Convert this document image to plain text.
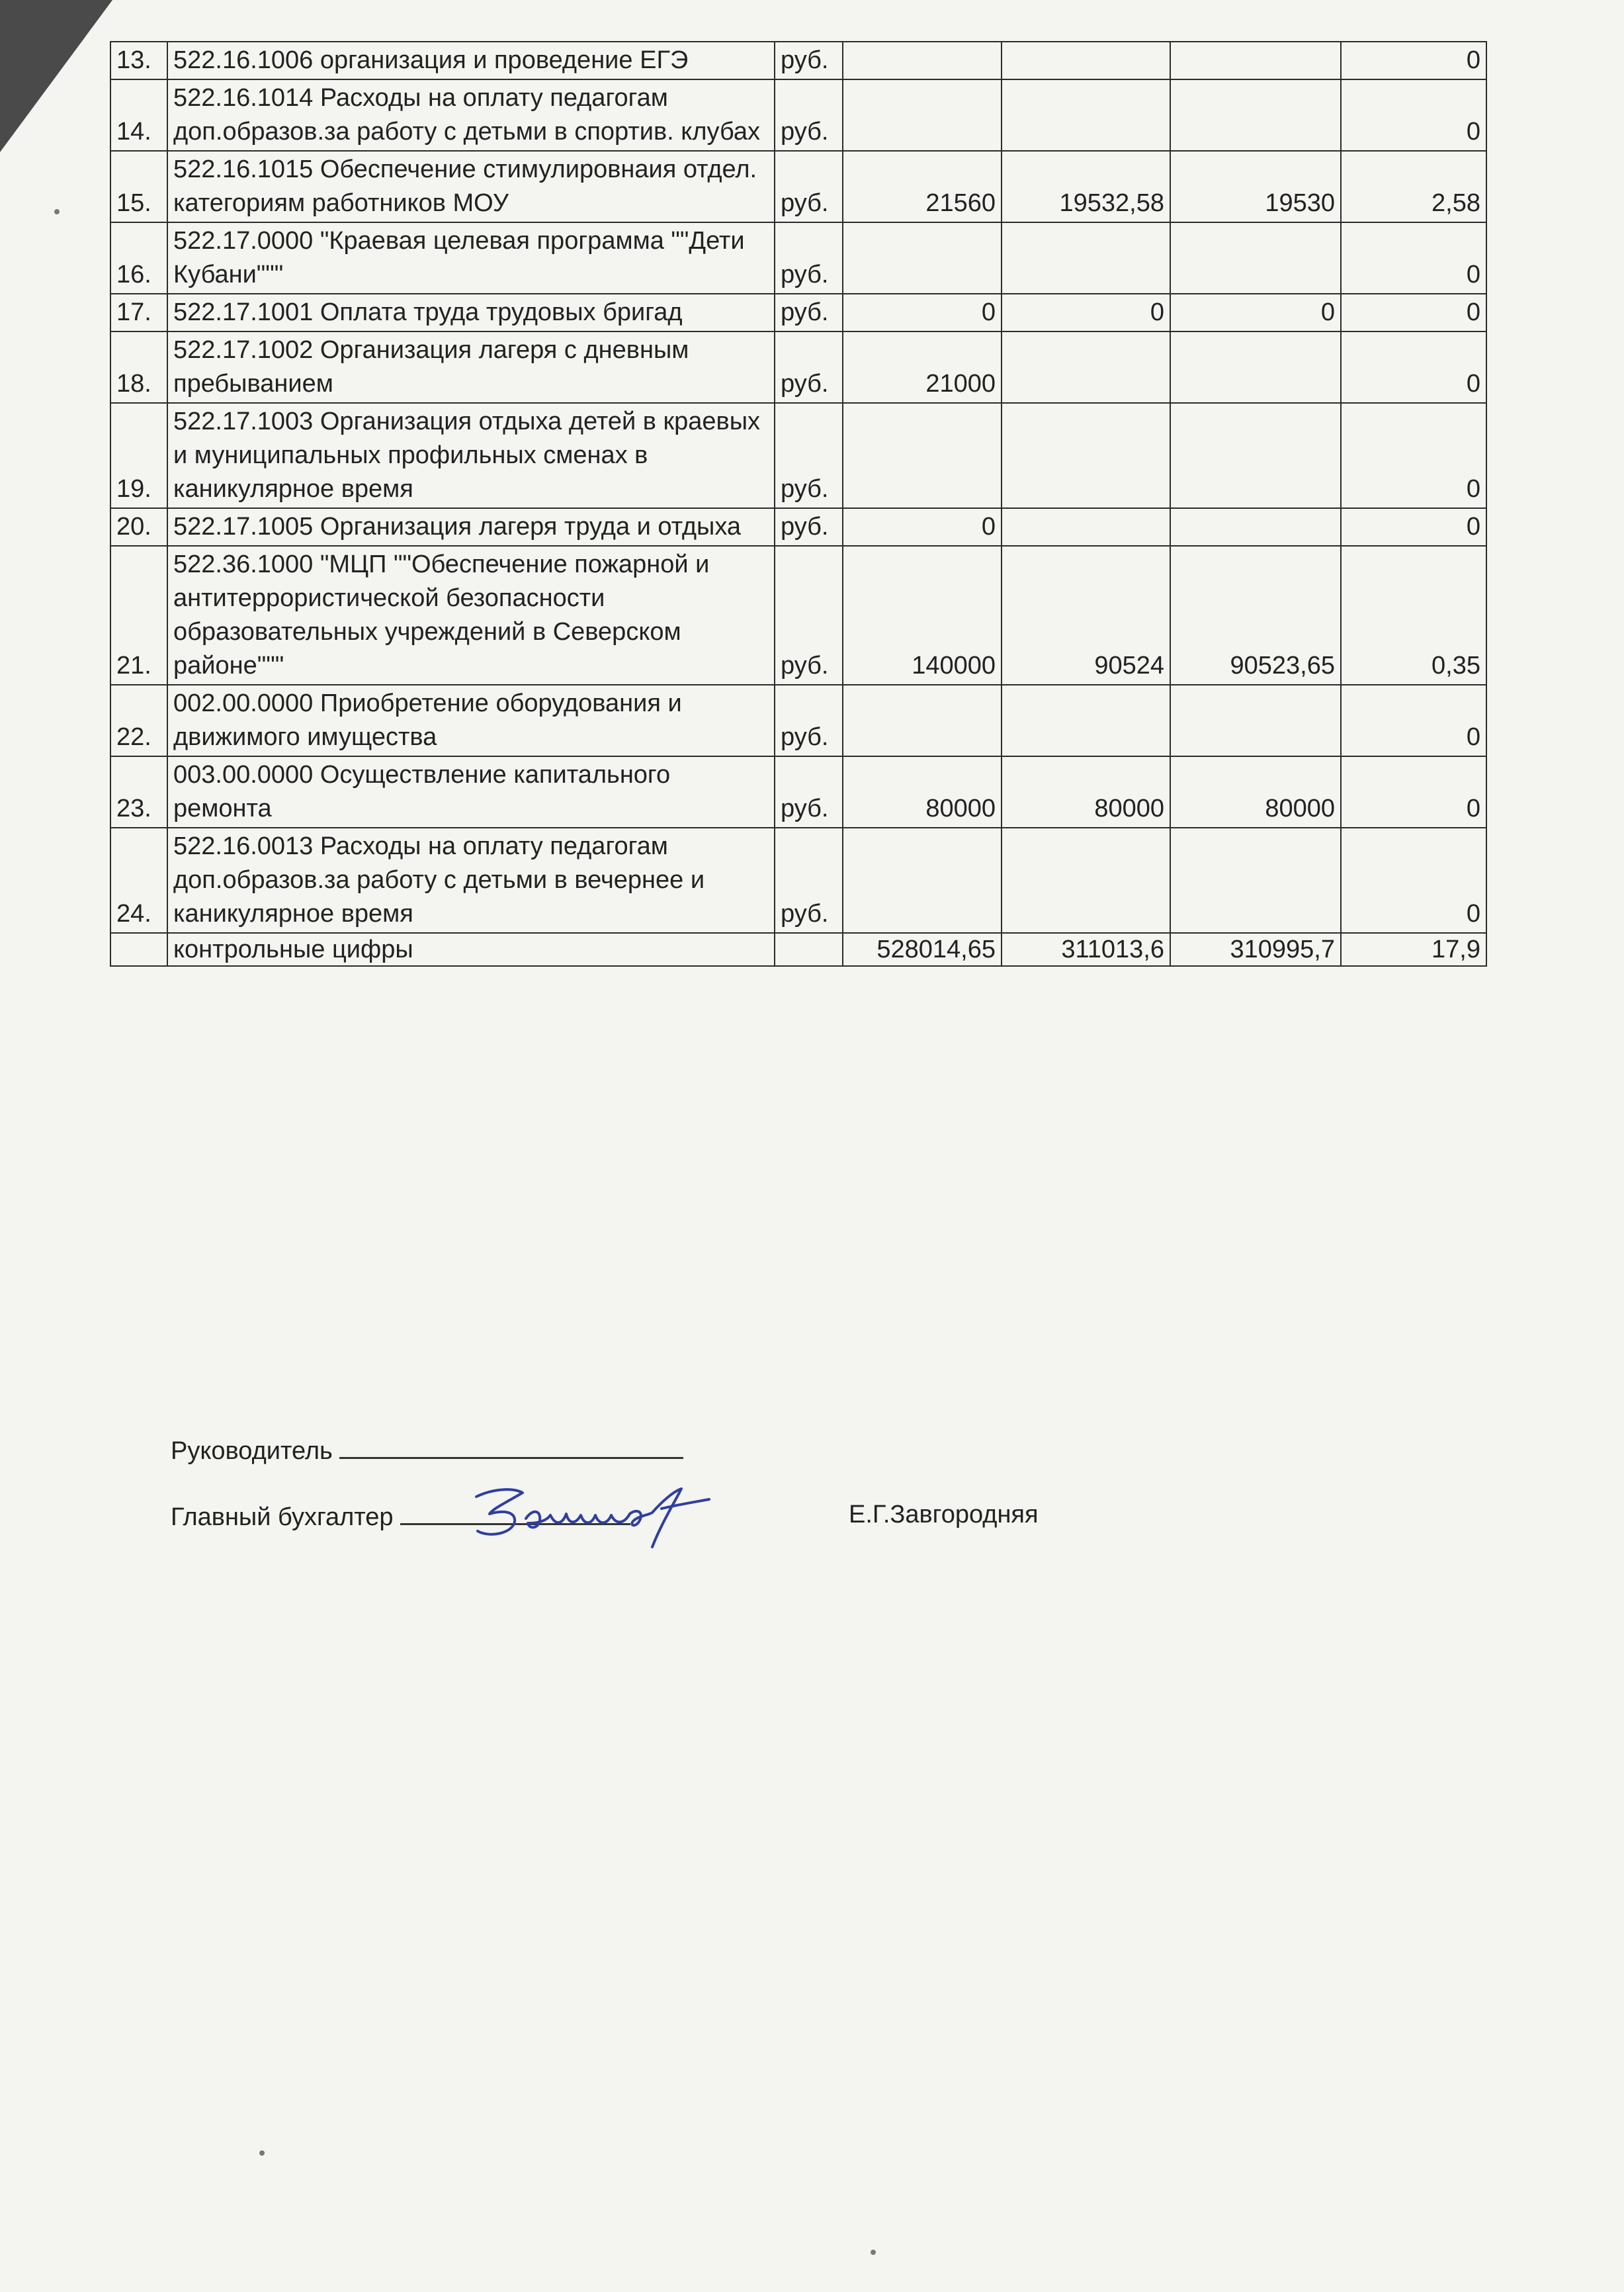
13.	522.16.1006 организация и проведение ЕГЭ	руб.				0
14.	522.16.1014 Расходы на оплату педагогам доп.образов.за работу с детьми в спортив. клубах	руб.				0
15.	522.16.1015 Обеспечение стимулировнаия отдел. категориям работников МОУ	руб.	21560	19532,58	19530	2,58
16.	522.17.0000 "Краевая целевая программа ""Дети Кубани"""	руб.				0
17.	522.17.1001 Оплата труда трудовых бригад	руб.	0	0	0	0
18.	522.17.1002 Организация лагеря с дневным пребыванием	руб.	21000			0
19.	522.17.1003 Организация отдыха детей в краевых и муниципальных профильных сменах в каникулярное время	руб.				0
20.	522.17.1005 Организация лагеря труда и отдыха	руб.	0			0
21.	522.36.1000 "МЦП ""Обеспечение пожарной и антитеррористической безопасности образовательных учреждений в Северском районе"""	руб.	140000	90524	90523,65	0,35
22.	002.00.0000 Приобретение оборудования и движимого имущества	руб.				0
23.	003.00.0000 Осуществление капитального ремонта	руб.	80000	80000	80000	0
24.	522.16.0013 Расходы на оплату педагогам доп.образов.за работу с детьми в вечернее и каникулярное время	руб.				0
	контрольные цифры		528014,65	311013,6	310995,7	17,9
Руководитель
Главный бухгалтер	Е.Г.Завгородняя
